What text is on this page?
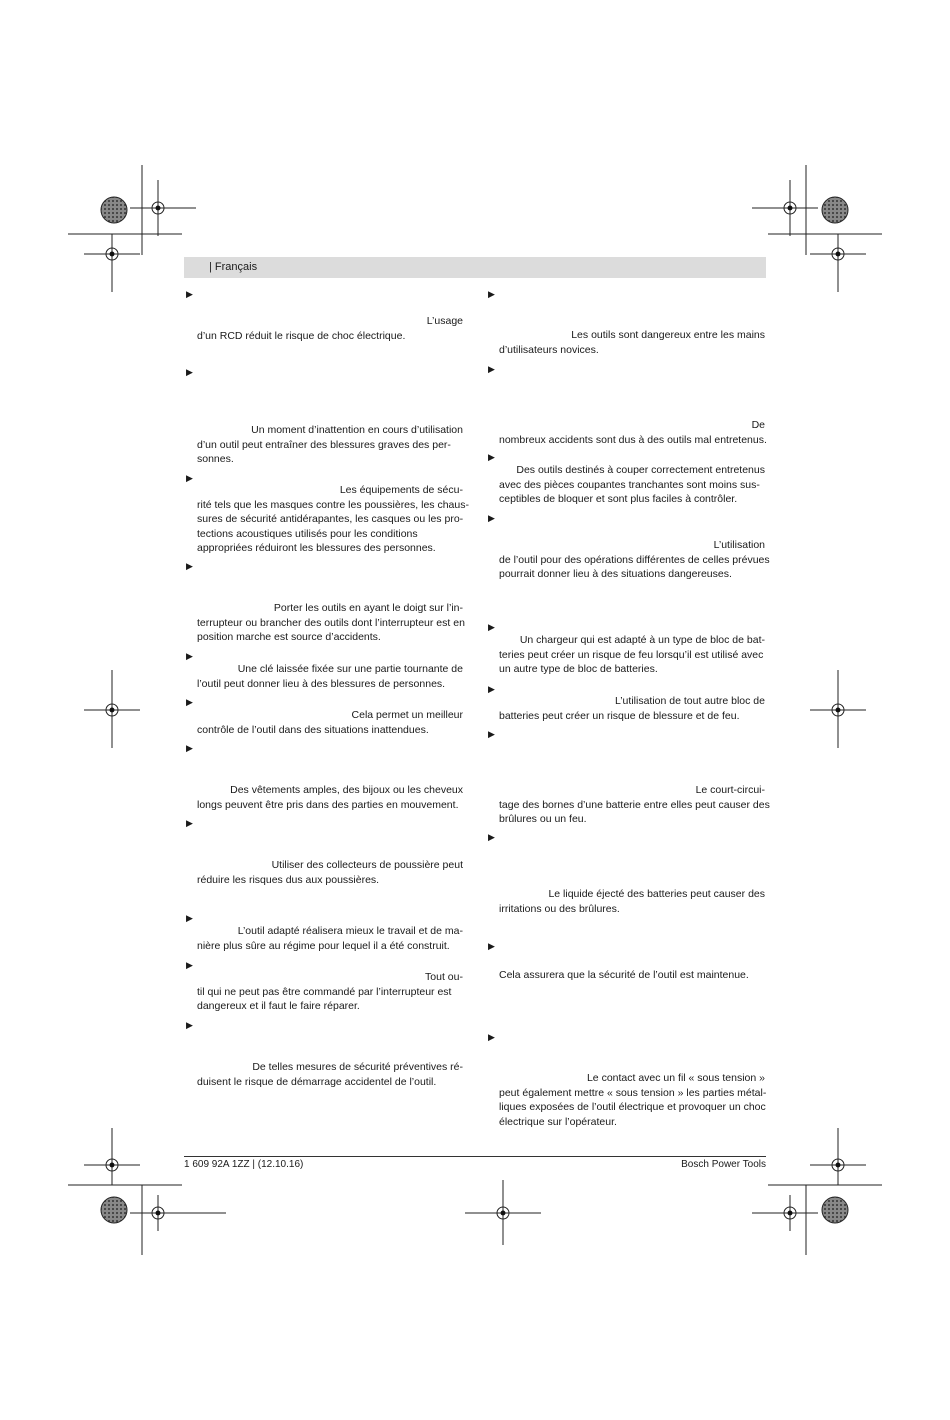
| Français
▶
▶
▶
▶
▶
▶
▶
▶
▶
▶
▶
L’usage
d’un RCD réduit le risque de choc électrique.
Un moment d’inattention en cours d’utilisation
d’un outil peut entraîner des blessures graves des per-
sonnes.
Les équipements de sécu-
rité tels que les masques contre les poussières, les chaus-
sures de sécurité antidérapantes, les casques ou les pro-
tections acoustiques utilisés pour les conditions
appropriées réduiront les blessures des personnes.
Porter les outils en ayant le doigt sur l’in-
terrupteur ou brancher des outils dont l’interrupteur est en
position marche est source d’accidents.
Une clé laissée fixée sur une partie tournante de
l’outil peut donner lieu à des blessures de personnes.
Cela permet un meilleur
contrôle de l’outil dans des situations inattendues.
Des vêtements amples, des bijoux ou les cheveux
longs peuvent être pris dans des parties en mouvement.
Utiliser des collecteurs de poussière peut
réduire les risques dus aux poussières.
L’outil adapté réalisera mieux le travail et de ma-
nière plus sûre au régime pour lequel il a été construit.
Tout ou-
til qui ne peut pas être commandé par l’interrupteur est
dangereux et il faut le faire réparer.
De telles mesures de sécurité préventives ré-
duisent le risque de démarrage accidentel de l’outil.
▶
▶
▶
▶
▶
▶
▶
▶
▶
▶
Les outils sont dangereux entre les mains
d’utilisateurs novices.
De
nombreux accidents sont dus à des outils mal entretenus.
Des outils destinés à couper correctement entretenus
avec des pièces coupantes tranchantes sont moins sus-
ceptibles de bloquer et sont plus faciles à contrôler.
L’utilisation
de l’outil pour des opérations différentes de celles prévues
pourrait donner lieu à des situations dangereuses.
Un chargeur qui est adapté à un type de bloc de bat-
teries peut créer un risque de feu lorsqu’il est utilisé avec
un autre type de bloc de batteries.
L’utilisation de tout autre bloc de
batteries peut créer un risque de blessure et de feu.
Le court-circui-
tage des bornes d’une batterie entre elles peut causer des
brûlures ou un feu.
Le liquide éjecté des batteries peut causer des
irritations ou des brûlures.
Cela assurera que la sécurité de l’outil est maintenue.
Le contact avec un fil « sous tension »
peut également mettre « sous tension » les parties métal-
liques exposées de l’outil électrique et provoquer un choc
électrique sur l’opérateur.
1 609 92A 1ZZ | (12.10.16)	Bosch Power Tools
